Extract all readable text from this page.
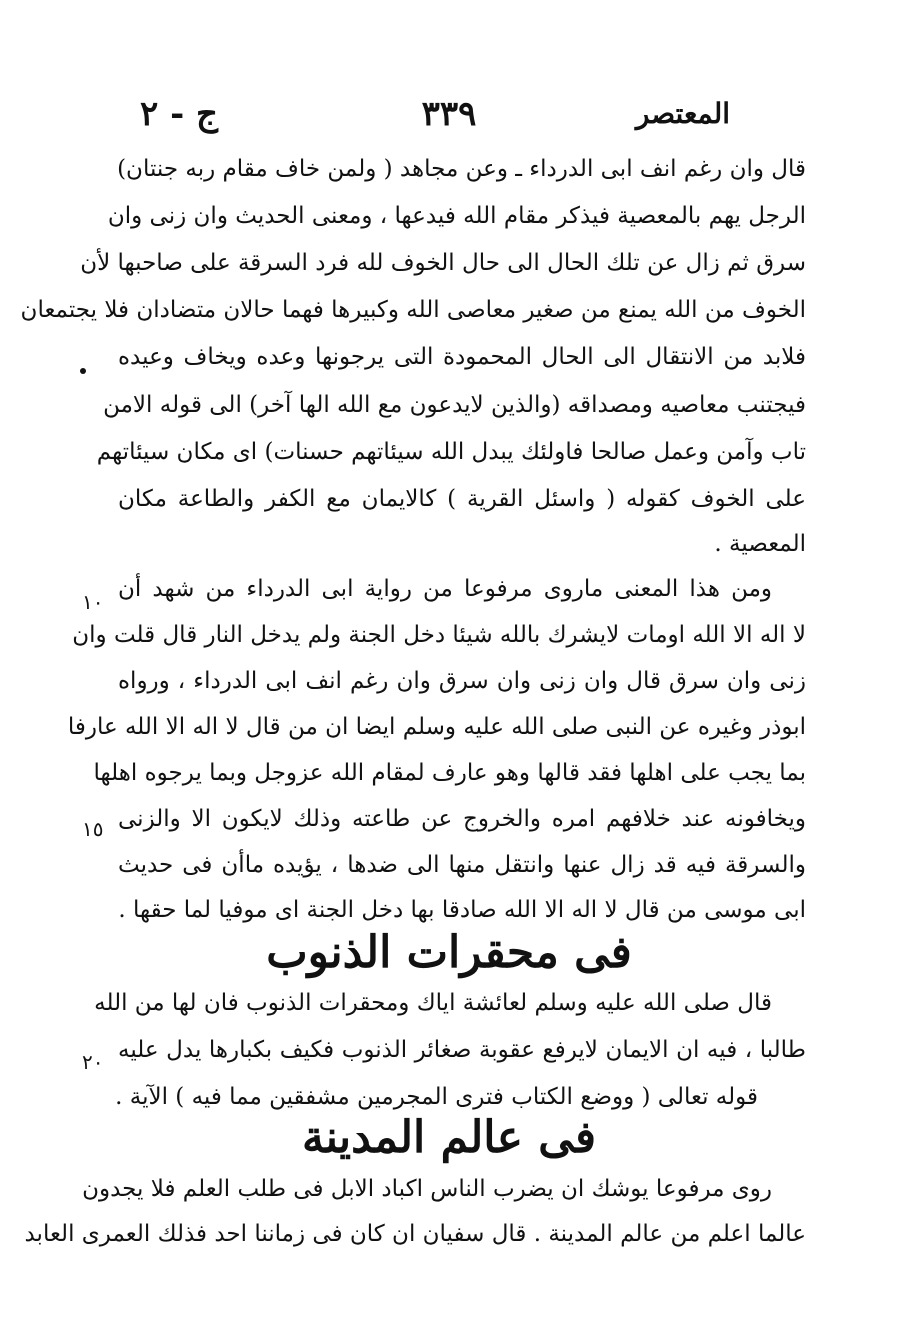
ج - ٢	٣٣٩	المعتصر
قال وان رغم انف ابى الدرداء ـ وعن مجاهد ( ولمن خاف مقام ربه جنتان)
الرجل يهم بالمعصية فيذكر مقام الله فيدعها ، ومعنى الحديث وان زنى وان
سرق ثم زال عن تلك الحال الى حال الخوف لله فرد السرقة على صاحبها لأن
الخوف من الله يمنع من صغير معاصى الله وكبيرها فهما حالان متضادان فلا يجتمعان
فلابد من الانتقال الى الحال المحمودة التى يرجونها وعده ويخاف وعيده
فيجتنب معاصيه ومصداقه (والذين لايدعون مع الله الها آخر) الى قوله الامن
تاب وآمن وعمل صالحا فاولئك يبدل الله سيئاتهم حسنات) اى مكان سيئاتهم
على الخوف كقوله ( واسئل القرية ) كالايمان مع الكفر والطاعة مكان
المعصية .
ومن هذا المعنى ماروى مرفوعا من رواية ابى الدرداء من شهد أن
١٠
لا اله الا الله اومات لايشرك بالله شيئا دخل الجنة ولم يدخل النار قال قلت وان
زنى وان سرق قال وان زنى وان سرق وان رغم انف ابى الدرداء ، ورواه
ابوذر وغيره عن النبى صلى الله عليه وسلم ايضا ان من قال لا اله الا الله عارفا
بما يجب على اهلها فقد قالها وهو عارف لمقام الله عزوجل وبما يرجوه اهلها
ويخافونه عند خلافهم امره والخروج عن طاعته وذلك لايكون الا والزنى
١٥
والسرقة فيه قد زال عنها وانتقل منها الى ضدها ، يؤيده ماأن فى حديث
ابى موسى من قال لا اله الا الله صادقا بها دخل الجنة اى موفيا لما حقها .
فى محقرات الذنوب
قال صلى الله عليه وسلم لعائشة اياك ومحقرات الذنوب فان لها من الله
طالبا ، فيه ان الايمان لايرفع عقوبة صغائر الذنوب فكيف بكبارها يدل عليه
٢٠
قوله تعالى ( ووضع الكتاب فترى المجرمين مشفقين مما فيه ) الآية .
فى عالم المدينة
روى مرفوعا يوشك ان يضرب الناس اكباد الابل فى طلب العلم فلا يجدون
عالما اعلم من عالم المدينة . قال سفيان ان كان فى زماننا احد فذلك العمرى العابد
